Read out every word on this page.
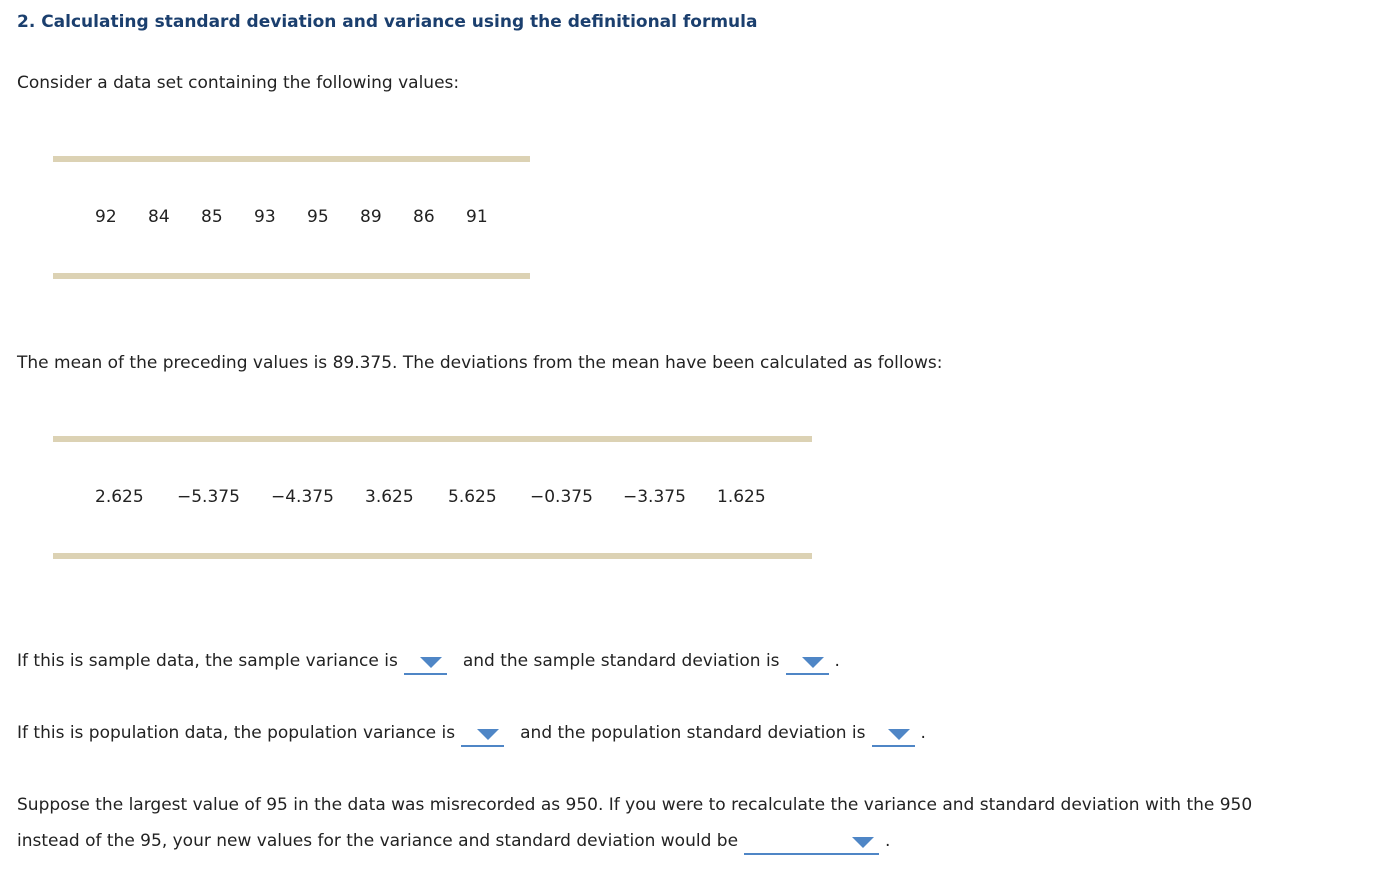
2. Calculating standard deviation and variance using the definitional formula
Consider a data set containing the following values:
92	84	85	93	95	89	86	91
The mean of the preceding values is 89.375. The deviations from the mean have been calculated as follows:
2.625	−5.375	−4.375	3.625	5.625	−0.375	−3.375	1.625
If this is sample data, the sample variance is	and the sample standard deviation is	.
If this is population data, the population variance is	and the population standard deviation is	.
Suppose the largest value of 95 in the data was misrecorded as 950. If you were to recalculate the variance and standard deviation with the 950
instead of the 95, your new values for the variance and standard deviation would be	.
